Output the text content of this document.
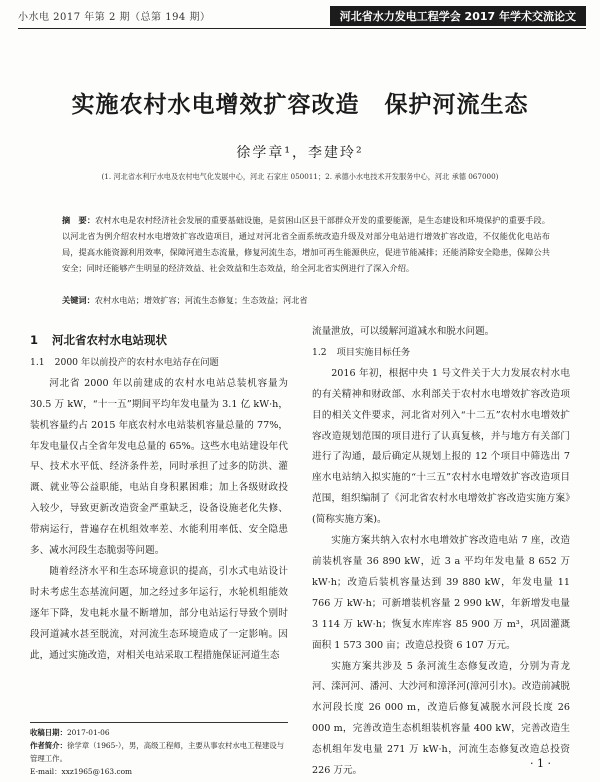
小水电 2017 年第 2 期（总第 194 期）	河北省水力发电工程学会 2017 年学术交流论文
实施农村水电增效扩容改造 保护河流生态
徐学章¹，李建玲²
(1. 河北省水利厅水电及农村电气化发展中心，河北 石家庄 050011；2. 承德小水电技术开发服务中心，河北 承德 067000)
摘　要：农村水电是农村经济社会发展的重要基础设施，是贫困山区县干部群众开发的重要能源，是生态建设和环境保护的重要手段。以河北省为例介绍农村水电增效扩容改造项目，通过对河北省全面系统改造升级及对部分电站进行增效扩容改造，不仅能优化电站布局，提高水能资源利用效率，保障河道生态流量，修复河流生态，增加可再生能源供应，促进节能减排；还能消除安全隐患，保障公共安全；同时还能够产生明显的经济效益、社会效益和生态效益，给全河北省实例进行了深入介绍。
关键词：农村水电站；增效扩容；河流生态修复；生态效益；河北省
1 河北省农村水电站现状
1.1 2000 年以前投产的农村水电站存在问题

河北省 2000 年以前建成的农村水电站总装机容量为 30.5 万 kW，“十一五”期间平均年发电量为 3.1 亿 kW·h，装机容量约占 2015 年底农村水电站装机容量总量的 77%，年发电量仅占全省年发电总量的 65%。这些水电站建设年代早、技术水平低、经济条件差，同时承担了过多的防洪、灌溉、就业等公益职能，电站自身积累困难；加上各级财政投入较少，导致更新改造资金严重缺乏，设备设施老化失修、带病运行，普遍存在机组效率差、水能利用率低、安全隐患多、减水河段生态脆弱等问题。

随着经济水平和生态环境意识的提高，引水式电站设计时未考虑生态基流问题，加之经过多年运行，水轮机组能效逐年下降，发电耗水量不断增加，部分电站运行导致个别时段河道减水甚至脱流，对河流生态环境造成了一定影响。因此，通过实施改造，对相关电站采取工程措施保证河道生态

流量泄放，可以缓解河道减水和脱水问题。

1.2 项目实施目标任务

2016 年初，根据中央 1 号文件关于大力发展农村水电的有关精神和财政部、水利部关于农村水电增效扩容改造项目的相关文件要求，河北省对列入“十二五”农村水电增效扩容改造规划范围的项目进行了认真复核，并与地方有关部门进行了沟通，最后确定从规划上报的 12 个项目中筛选出 7 座水电站纳入拟实施的“十三五”农村水电增效扩容改造项目范围，组织编制了《河北省农村水电增效扩容改造实施方案》(简称实施方案)。

实施方案共纳入农村水电增效扩容改造电站 7 座，改造前装机容量 36 890 kW，近 3 a 平均年发电量 8 652 万 kW·h；改造后装机容量达到 39 880 kW，年发电量 11 766 万 kW·h；可新增装机容量 2 990 kW，年新增发电量 3 114 万 kW·h；恢复水库库容 85 900 万 m³，巩固灌溉面积 1 573 300 亩；改造总投资 6 107 万元。

实施方案共涉及 5 条河流生态修复改造，分别为青龙河、滦河河、潘河、大沙河和漳泽河(漳河引水)。改造前减脱水河段长度 26 000 m，改造后修复减脱水河段长度 26 000 m，完善改造生态机组装机容量 400 kW，完善改造生态机组年发电量 271 万 kW·h，河流生态修复改造总投资 226 万元。

收稿日期：2017-01-06
作者简介：徐学章（1965-），男，高级工程师，主要从事农村水电工程建设与管理工作。
E-mail：xxz1965@163.com
· 1 ·
